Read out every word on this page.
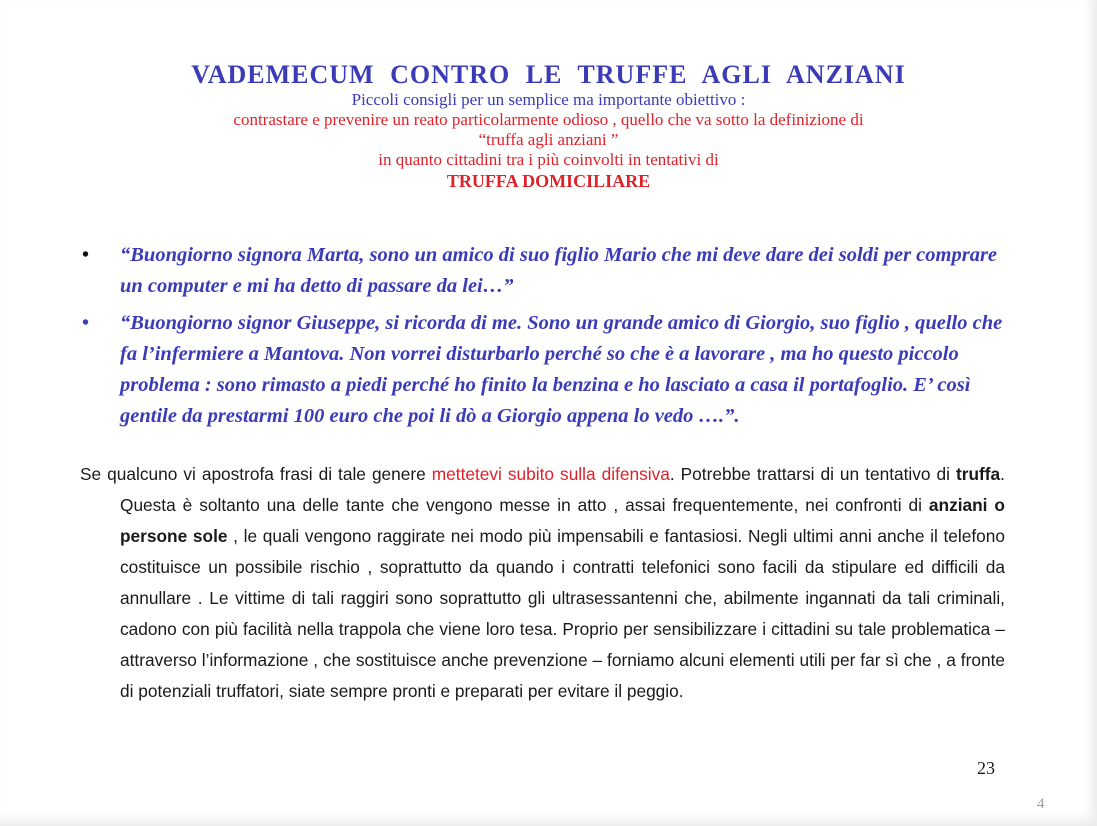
VADEMECUM CONTRO LE TRUFFE AGLI ANZIANI

Piccoli consigli per un semplice ma importante obiettivo :

contrastare e prevenire un reato particolarmente odioso , quello che va sotto la definizione di

“truffa agli anziani ”

in quanto cittadini tra i più coinvolti in tentativi di

TRUFFA DOMICILIARE

• “Buongiorno signora Marta, sono un amico di suo figlio Mario che mi deve dare dei soldi per comprare un computer e mi ha detto di passare da lei…”
• “Buongiorno signor Giuseppe, si ricorda di me. Sono un grande amico di Giorgio, suo figlio , quello che fa l’infermiere a Mantova. Non vorrei disturbarlo perché so che è a lavorare , ma ho questo piccolo problema : sono rimasto a piedi perché ho finito la benzina e ho lasciato a casa il portafoglio. E’ così gentile da prestarmi 100 euro che poi li dò a Giorgio appena lo vedo ….”.
Se qualcuno vi apostrofa frasi di tale genere mettetevi subito sulla difensiva. Potrebbe trattarsi di un tentativo di truffa. Questa è soltanto una delle tante che vengono messe in atto , assai frequentemente, nei confronti di anziani o persone sole , le quali vengono raggirate nei modo più impensabili e fantasiosi. Negli ultimi anni anche il telefono costituisce un possibile rischio , soprattutto da quando i contratti telefonici sono facili da stipulare ed difficili da annullare . Le vittime di tali raggiri sono soprattutto gli ultrasessantenni che, abilmente ingannati da tali criminali, cadono con più facilità nella trappola che viene loro tesa. Proprio per sensibilizzare i cittadini su tale problematica – attraverso l’informazione , che sostituisce anche prevenzione – forniamo alcuni elementi utili per far sì che , a fronte di potenziali truffatori, siate sempre pronti e preparati per evitare il peggio.
23
4
